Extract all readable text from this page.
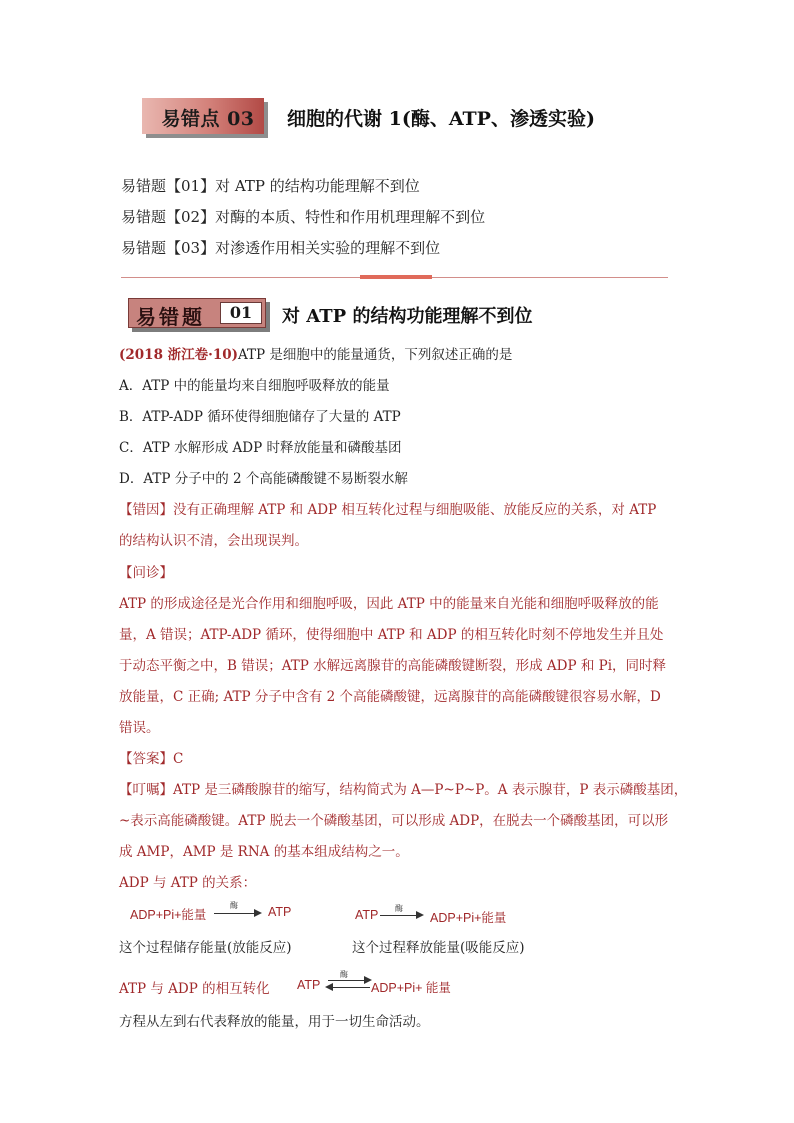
易错点 03	细胞的代谢 1(酶、ATP、渗透实验)
易错题【01】对 ATP 的结构功能理解不到位
易错题【02】对酶的本质、特性和作用机理理解不到位
易错题【03】对渗透作用相关实验的理解不到位
易错题	01	对 ATP 的结构功能理解不到位
(2018 浙江卷·10)ATP 是细胞中的能量通货，下列叙述正确的是
A．ATP 中的能量均来自细胞呼吸释放的能量
B．ATP-ADP 循环使得细胞储存了大量的 ATP
C．ATP 水解形成 ADP 时释放能量和磷酸基团
D．ATP 分子中的 2 个高能磷酸键不易断裂水解
【错因】没有正确理解 ATP 和 ADP 相互转化过程与细胞吸能、放能反应的关系，对 ATP
的结构认识不清，会出现误判。
【问诊】
ATP 的形成途径是光合作用和细胞呼吸，因此 ATP 中的能量来自光能和细胞呼吸释放的能
量，A 错误；ATP-ADP 循环，使得细胞中 ATP 和 ADP 的相互转化时刻不停地发生并且处
于动态平衡之中，B 错误；ATP 水解远离腺苷的高能磷酸键断裂，形成 ADP 和 Pi，同时释
放能量，C 正确; ATP 分子中含有 2 个高能磷酸键，远离腺苷的高能磷酸键很容易水解，D
错误。
【答案】C
【叮嘱】ATP 是三磷酸腺苷的缩写，结构简式为 A—P~P~P。A 表示腺苷，P 表示磷酸基团，
~表示高能磷酸键。ATP 脱去一个磷酸基团，可以形成 ADP，在脱去一个磷酸基团，可以形
成 AMP，AMP 是 RNA 的基本组成结构之一。
ADP 与 ATP 的关系：
ADP+Pi+能量
酶 ATP	ATP 酶
ADP+Pi+能量
这个过程储存能量(放能反应)	这个过程释放能量(吸能反应)
ATP 与 ADP 的相互转化 ATP
酶
ADP+Pi+ 能量
方程从左到右代表释放的能量，用于一切生命活动。
